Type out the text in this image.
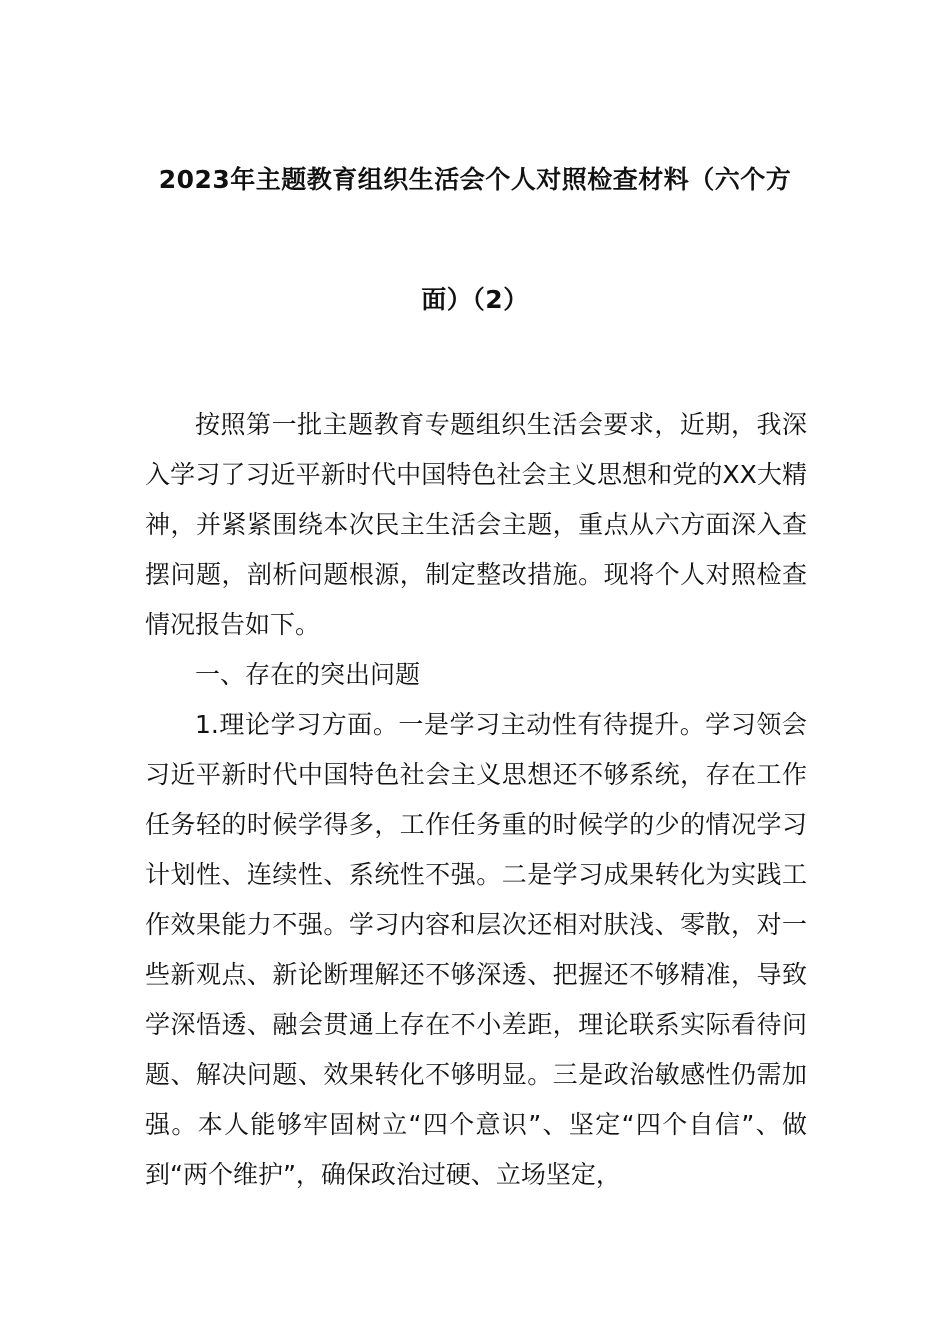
2023年主题教育组织生活会个人对照检查材料（六个方
面）（2）

按照第一批主题教育专题组织生活会要求，近期，我深入学习了习近平新时代中国特色社会主义思想和党的XX大精神，并紧紧围绕本次民主生活会主题，重点从六方面深入查摆问题，剖析问题根源，制定整改措施。现将个人对照检查情况报告如下。

一、存在的突出问题

1.理论学习方面。一是学习主动性有待提升。学习领会习近平新时代中国特色社会主义思想还不够系统，存在工作任务轻的时候学得多，工作任务重的时候学的少的情况学习计划性、连续性、系统性不强。二是学习成果转化为实践工作效果能力不强。学习内容和层次还相对肤浅、零散，对一些新观点、新论断理解还不够深透、把握还不够精准，导致学深悟透、融会贯通上存在不小差距，理论联系实际看待问题、解决问题、效果转化不够明显。三是政治敏感性仍需加强。本人能够牢固树立“四个意识”、坚定“四个自信”、做到“两个维护”，确保政治过硬、立场坚定，
